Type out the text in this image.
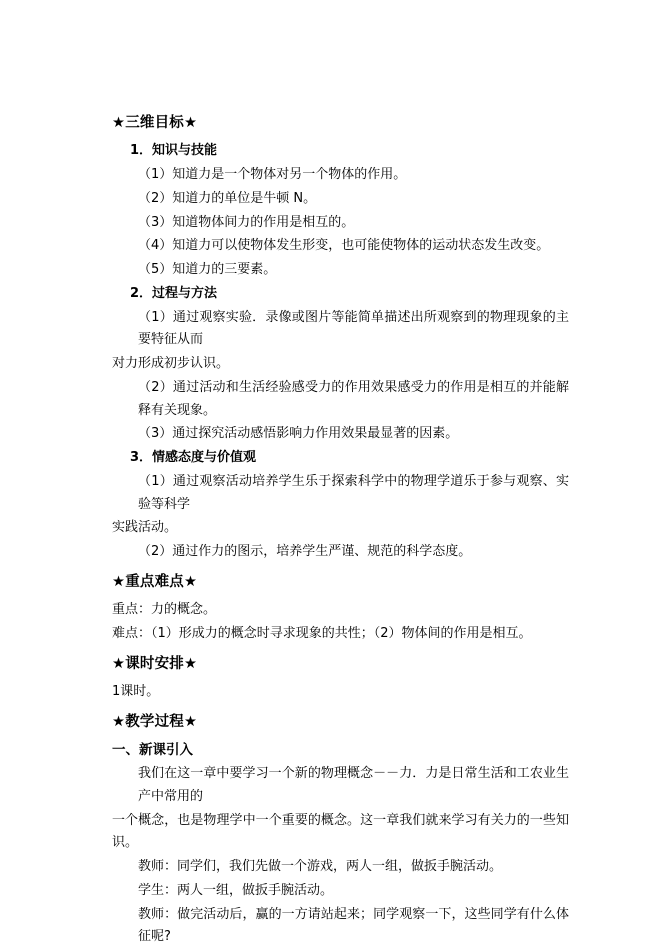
★三维目标★
1．知识与技能
（1）知道力是一个物体对另一个物体的作用。
（2）知道力的单位是牛顿 N。
（3）知道物体间力的作用是相互的。
（4）知道力可以使物体发生形变，也可能使物体的运动状态发生改变。
（5）知道力的三要素。
2．过程与方法
（1）通过观察实验．录像或图片等能简单描述出所观察到的物理现象的主要特征从而
对力形成初步认识。
（2）通过活动和生活经验感受力的作用效果感受力的作用是相互的并能解释有关现象。
（3）通过探究活动感悟影响力作用效果最显著的因素。
3．情感态度与价值观
（1）通过观察活动培养学生乐于探索科学中的物理学道乐于参与观察、实验等科学
实践活动。
（2）通过作力的图示，培养学生严谨、规范的科学态度。
★重点难点★
重点：力的概念。
难点：（1）形成力的概念时寻求现象的共性；（2）物体间的作用是相互。
★课时安排★
1课时。
★教学过程★
一、新课引入
我们在这一章中要学习一个新的物理概念－－力．力是日常生活和工农业生产中常用的
一个概念，也是物理学中一个重要的概念。这一章我们就来学习有关力的一些知识。
教师：同学们，我们先做一个游戏，两人一组，做扳手腕活动。
学生：两人一组，做扳手腕活动。
教师：做完活动后，赢的一方请站起来；同学观察一下，这些同学有什么体征呢?
